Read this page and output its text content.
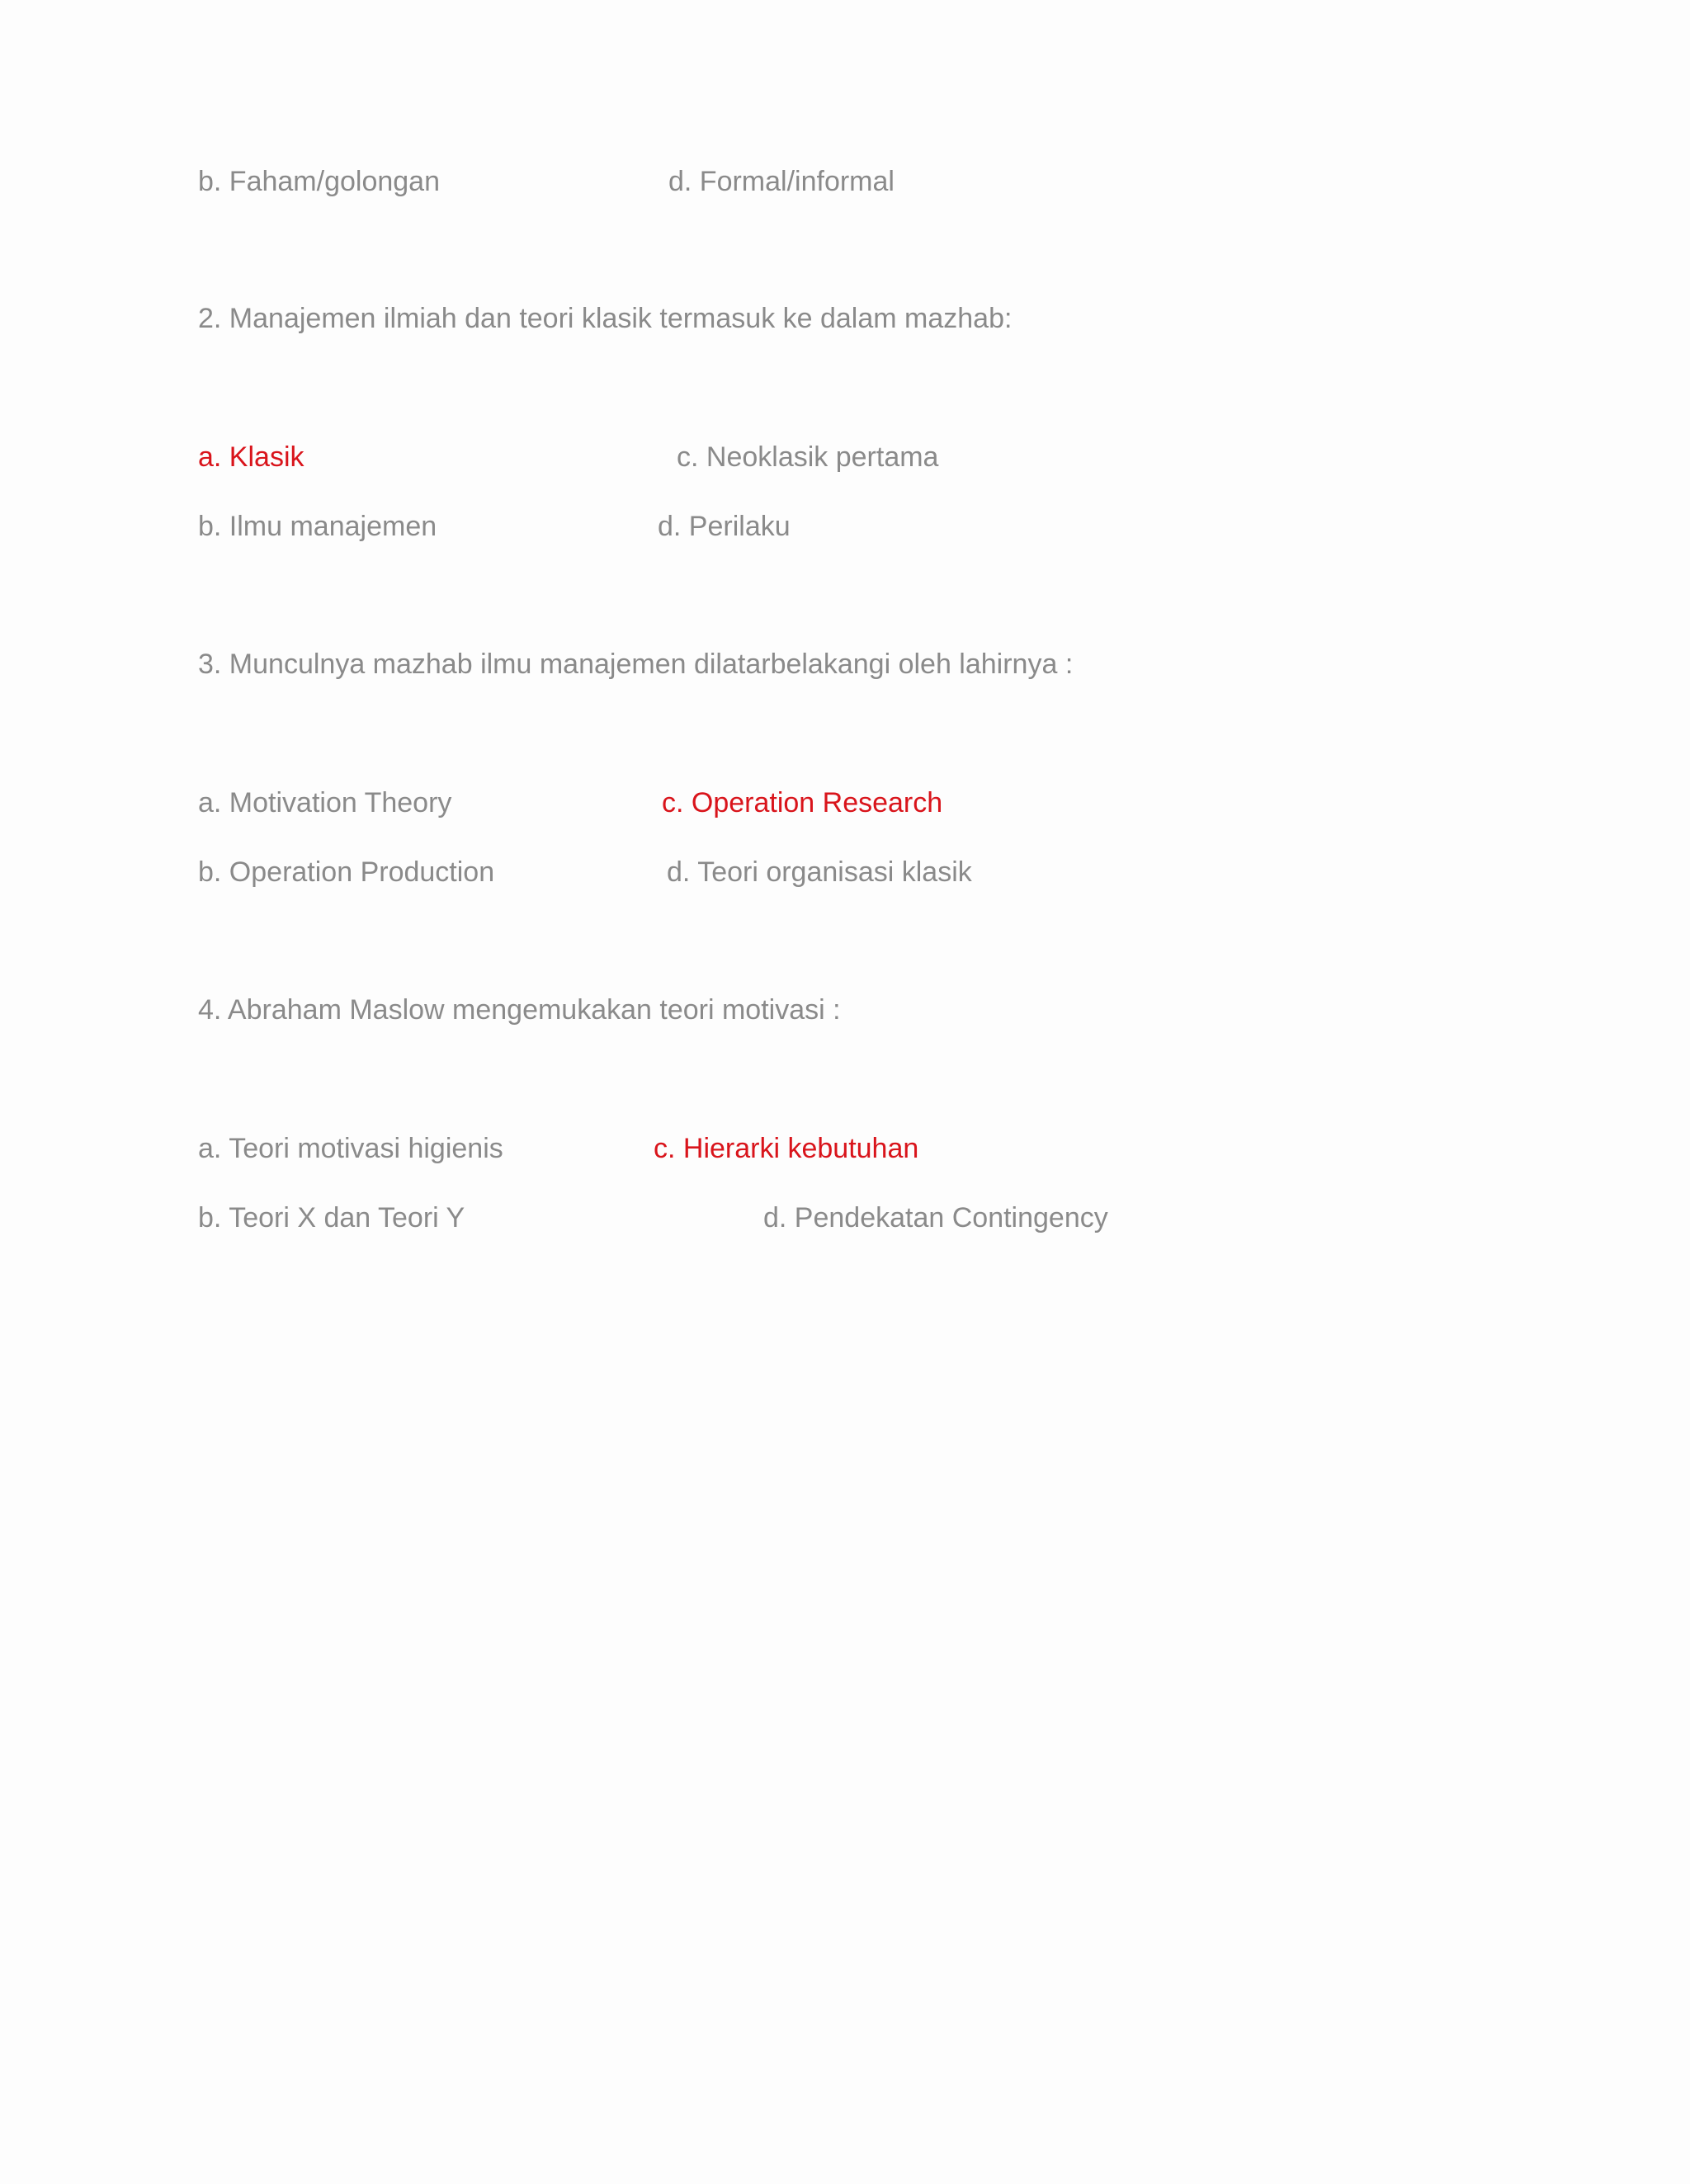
b. Faham/golongan	d. Formal/informal
2. Manajemen ilmiah dan teori klasik termasuk ke dalam mazhab:
a. Klasik	c. Neoklasik pertama
b. Ilmu manajemen	d. Perilaku
3. Munculnya mazhab ilmu manajemen dilatarbelakangi oleh lahirnya :
a. Motivation Theory	c. Operation Research
b. Operation Production	d. Teori organisasi klasik
4. Abraham Maslow mengemukakan teori motivasi :
a. Teori motivasi higienis	c. Hierarki kebutuhan
b. Teori X dan Teori Y	d. Pendekatan Contingency
